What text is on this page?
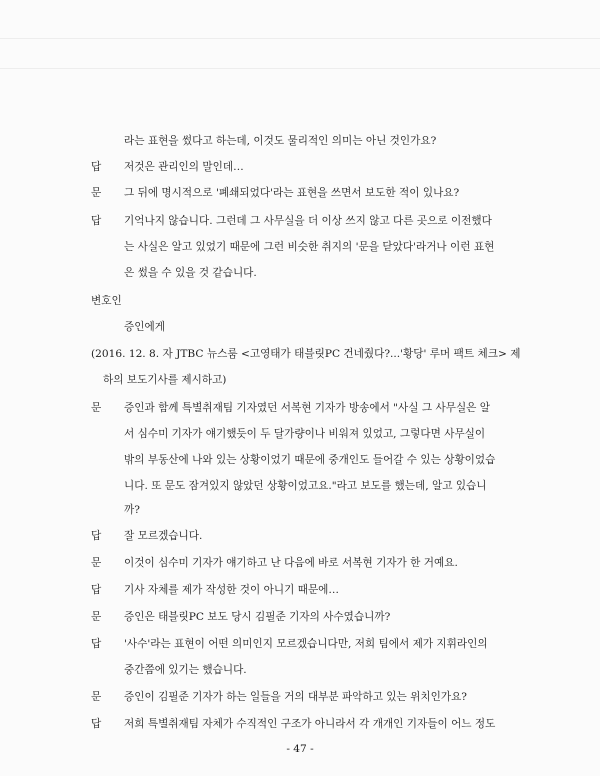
라는 표현을 썼다고 하는데, 이것도 물리적인 의미는 아닌 것인가요?
답	저것은 관리인의 말인데…
문	그 뒤에 명시적으로 '폐쇄되었다'라는 표현을 쓰면서 보도한 적이 있나요?
답	기억나지 않습니다. 그런데 그 사무실을 더 이상 쓰지 않고 다른 곳으로 이전했다
는 사실은 알고 있었기 때문에 그런 비슷한 취지의 '문을 닫았다'라거나 이런 표현
은 썼을 수 있을 것 같습니다.
변호인
증인에게
(2016. 12. 8. 자 JTBC 뉴스룸 <고영태가 태블릿PC 건네줬다?...'황당' 루머 팩트 체크> 제
하의 보도기사를 제시하고)
문	증인과 함께 특별취재팀 기자였던 서복현 기자가 방송에서 "사실 그 사무실은 알
서 심수미 기자가 얘기했듯이 두 달가량이나 비워져 있었고, 그렇다면 사무실이
밖의 부동산에 나와 있는 상황이었기 때문에 중개인도 들어갈 수 있는 상황이었습
니다. 또 문도 잠겨있지 않았던 상황이었고요."라고 보도를 했는데, 알고 있습니
까?
답	잘 모르겠습니다.
문	이것이 심수미 기자가 얘기하고 난 다음에 바로 서복현 기자가 한 거예요.
답	기사 자체를 제가 작성한 것이 아니기 때문에…
문	증인은 태블릿PC 보도 당시 김필준 기자의 사수였습니까?
답	'사수'라는 표현이 어떤 의미인지 모르겠습니다만, 저희 팀에서 제가 지휘라인의
중간쯤에 있기는 했습니다.
문	증인이 김필준 기자가 하는 일들을 거의 대부분 파악하고 있는 위치인가요?
답	저희 특별취재팀 자체가 수직적인 구조가 아니라서 각 개개인 기자들이 어느 정도
- 47 -
